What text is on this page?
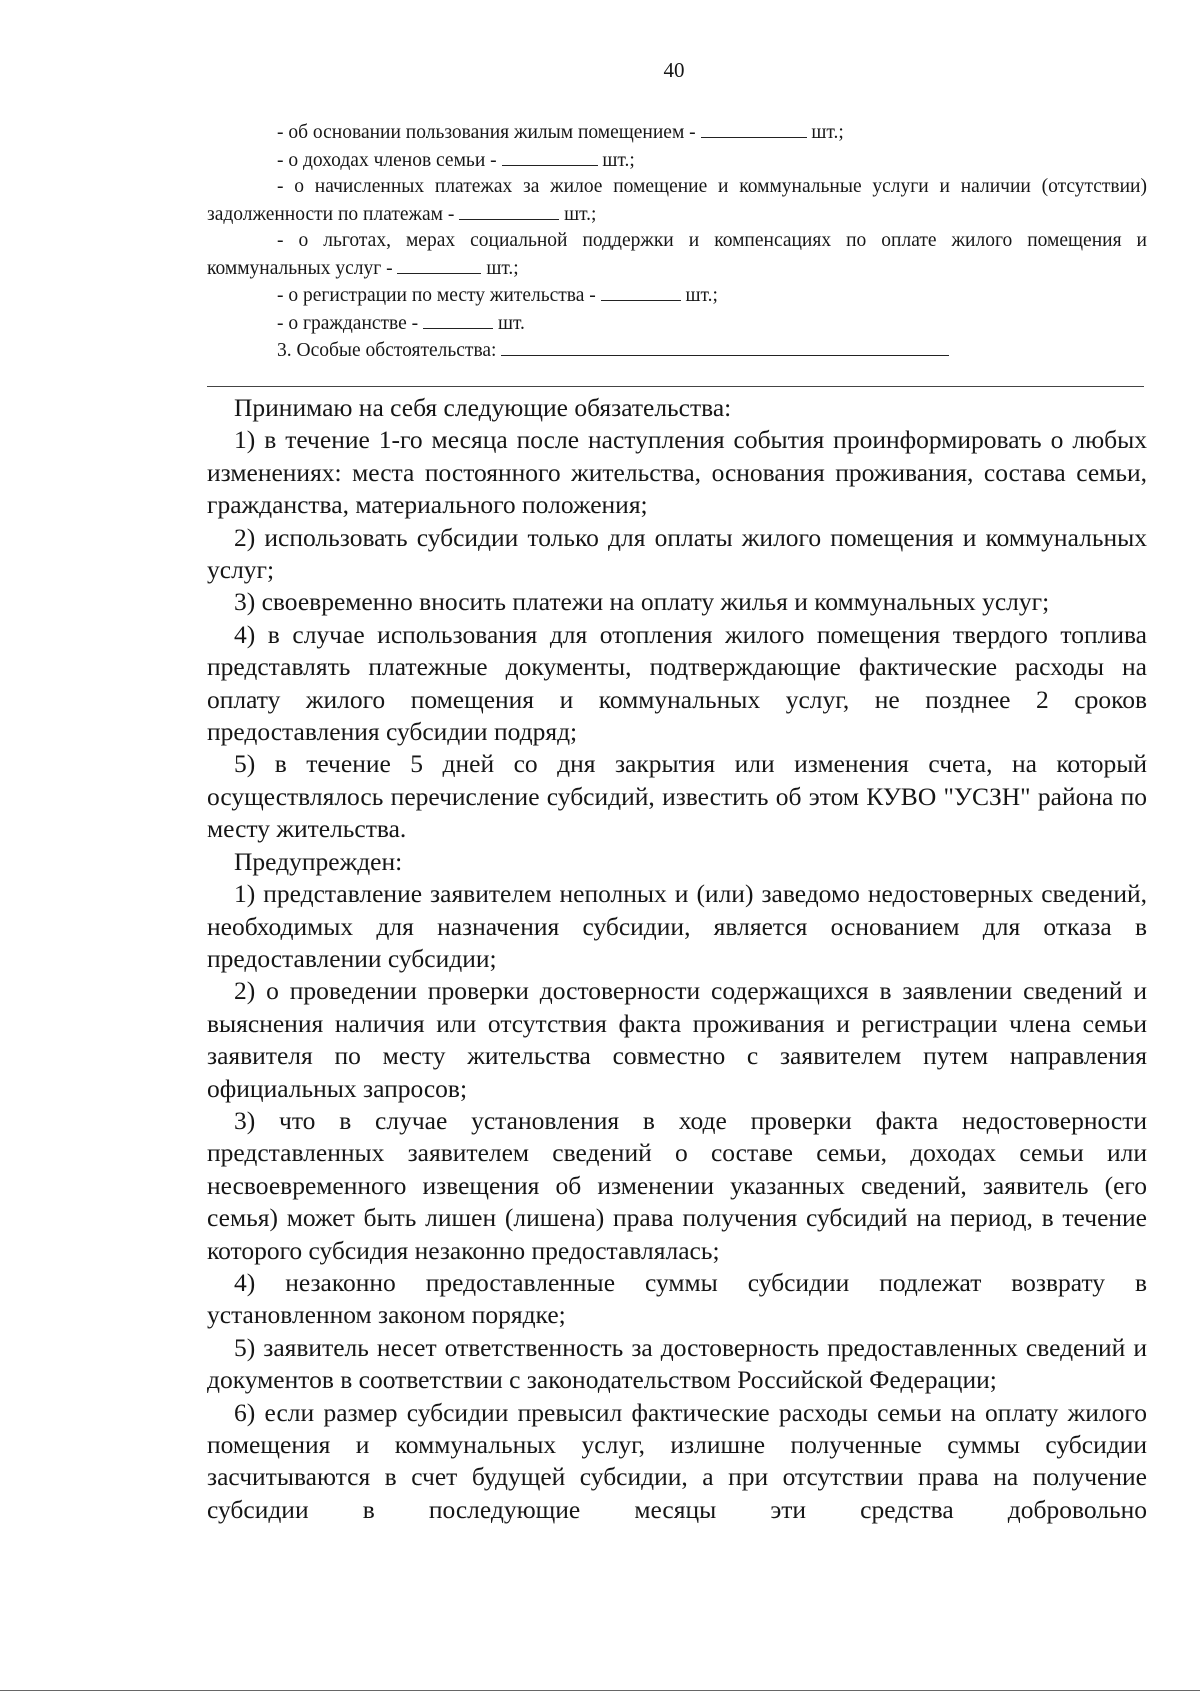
40

- об основании пользования жилым помещением -	шт.;

- о доходах членов семьи -	шт.;

- о начисленных платежах за жилое помещение и коммунальные услуги и наличии (отсутствии) задолженности по платежам -	шт.;

- о льготах, мерах социальной поддержки и компенсациях по оплате жилого помещения и коммунальных услуг -	шт.;

- о регистрации по месту жительства -	шт.;

- о гражданстве -	шт.

3. Особые обстоятельства:

Принимаю на себя следующие обязательства:

1) в течение 1-го месяца после наступления события проинформировать о любых изменениях: места постоянного жительства, основания проживания, состава семьи, гражданства, материального положения;

2) использовать субсидии только для оплаты жилого помещения и коммунальных услуг;

3) своевременно вносить платежи на оплату жилья и коммунальных услуг;

4) в случае использования для отопления жилого помещения твердого топлива представлять платежные документы, подтверждающие фактические расходы на оплату жилого помещения и коммунальных услуг, не позднее 2 сроков предоставления субсидии подряд;

5) в течение 5 дней со дня закрытия или изменения счета, на который осуществлялось перечисление субсидий, известить об этом КУВО "УСЗН" района по месту жительства.

Предупрежден:

1) представление заявителем неполных и (или) заведомо недостоверных сведений, необходимых для назначения субсидии, является основанием для отказа в предоставлении субсидии;

2) о проведении проверки достоверности содержащихся в заявлении сведений и выяснения наличия или отсутствия факта проживания и регистрации члена семьи заявителя по месту жительства совместно с заявителем путем направления официальных запросов;

3) что в случае установления в ходе проверки факта недостоверности представленных заявителем сведений о составе семьи, доходах семьи или несвоевременного извещения об изменении указанных сведений, заявитель (его семья) может быть лишен (лишена) права получения субсидий на период, в течение которого субсидия незаконно предоставлялась;

4) незаконно предоставленные суммы субсидии подлежат возврату в установленном законом порядке;

5) заявитель несет ответственность за достоверность предоставленных сведений и документов в соответствии с законодательством Российской Федерации;

6) если размер субсидии превысил фактические расходы семьи на оплату жилого помещения и коммунальных услуг, излишне полученные суммы субсидии засчитываются в счет будущей субсидии, а при отсутствии права на получение субсидии в последующие месяцы эти средства добровольно
